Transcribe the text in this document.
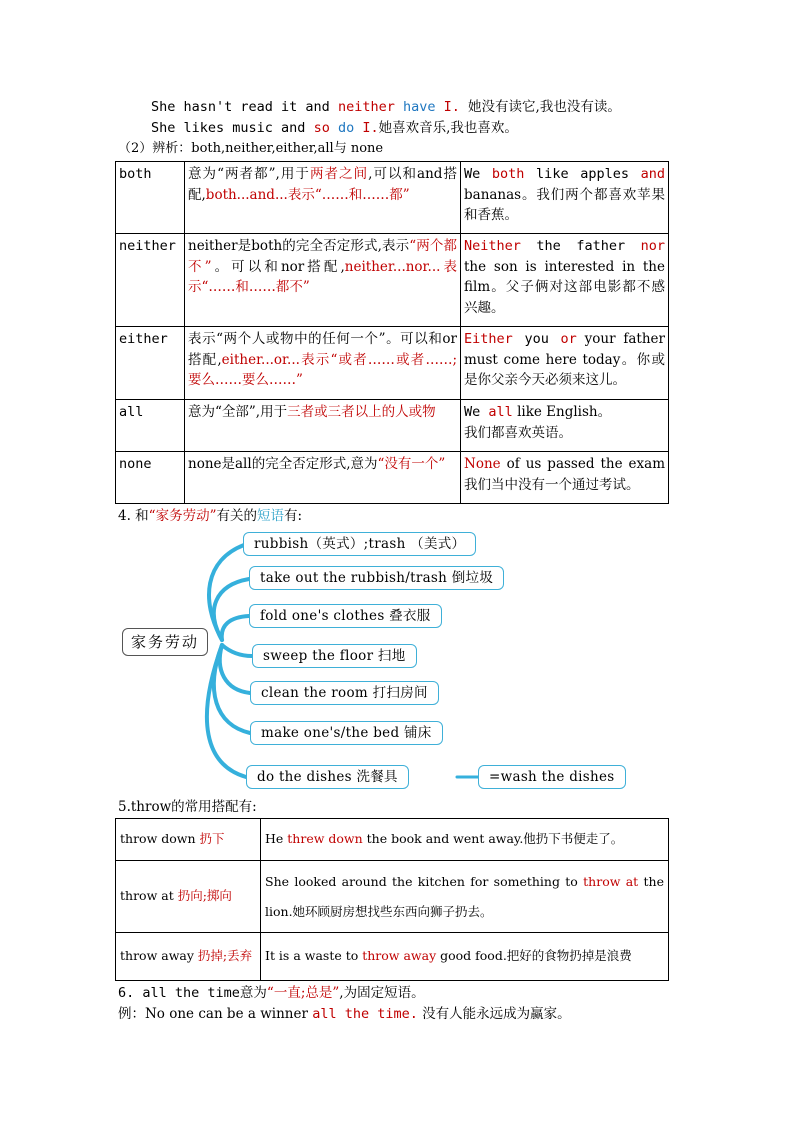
She hasn't read it and neither have I. 她没有读它,我也没有读。
She likes music and so do I.她喜欢音乐,我也喜欢。
（2）辨析：both,neither,either,all与 none
both	意为“两者都”,用于两者之间,可以和and搭配,both...and...表示“……和……都”	We both like apples and bananas。我们两个都喜欢苹果和香蕉。
neither	neither是both的完全否定形式,表示“两个都不”。可以和nor搭配,neither...nor...表示“……和……都不”	Neither the father nor the son is interested in the film。父子俩对这部电影都不感兴趣。
either	表示“两个人或物中的任何一个”。可以和or搭配,either...or...表示“或者……或者……;要么……要么……”	Either you or your father must come here today。你或是你父亲今天必须来这儿。
all	意为“全部”,用于三者或三者以上的人或物	We all like English。
我们都喜欢英语。
none	none是all的完全否定形式,意为“没有一个”	None of us passed the exam我们当中没有一个通过考试。
4. 和“家务劳动”有关的短语有:
家务劳动
rubbish（英式）;trash （美式）
take out the rubbish/trash 倒垃圾
fold one's clothes 叠衣服
sweep the floor 扫地
clean the room 打扫房间
make one's/the bed 铺床
do the dishes 洗餐具	=wash the dishes
5.throw的常用搭配有:
throw down 扔下	He threw down the book and went away.他扔下书便走了。
throw at 扔向;掷向	She looked around the kitchen for something to throw at the lion.她环顾厨房想找些东西向狮子扔去。
throw away 扔掉;丢弃	It is a waste to throw away good food.把好的食物扔掉是浪费
6. all the time意为“一直;总是”,为固定短语。
例：No one can be a winner all the time. 没有人能永远成为赢家。
